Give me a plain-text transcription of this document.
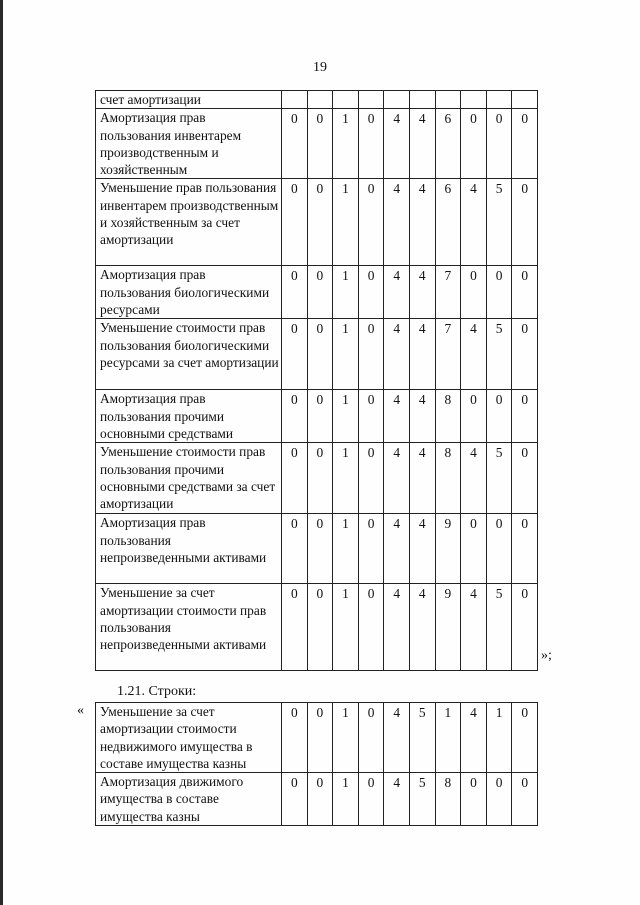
19
счет амортизации										
Амортизация прав пользования инвентарем производственным и хозяйственным	0	0	1	0	4	4	6	0	0	0
Уменьшение прав пользования инвентарем производственным и хозяйственным за счет амортизации	0	0	1	0	4	4	6	4	5	0
Амортизация прав пользования биологическими ресурсами	0	0	1	0	4	4	7	0	0	0
Уменьшение стоимости прав пользования биологическими ресурсами за счет амортизации	0	0	1	0	4	4	7	4	5	0
Амортизация прав пользования прочими основными средствами	0	0	1	0	4	4	8	0	0	0
Уменьшение стоимости прав пользования прочими основными средствами за счет амортизации	0	0	1	0	4	4	8	4	5	0
Амортизация прав пользования непроизведенными активами	0	0	1	0	4	4	9	0	0	0
Уменьшение за счет амортизации стоимости прав пользования непроизведенными активами	0	0	1	0	4	4	9	4	5	0
»;
1.21. Строки:
« Уменьшение за счет амортизации стоимости недвижимого имущества в составе имущества казны	0	0	1	0	4	5	1	4	1	0
Амортизация движимого имущества в составе имущества казны	0	0	1	0	4	5	8	0	0	0
